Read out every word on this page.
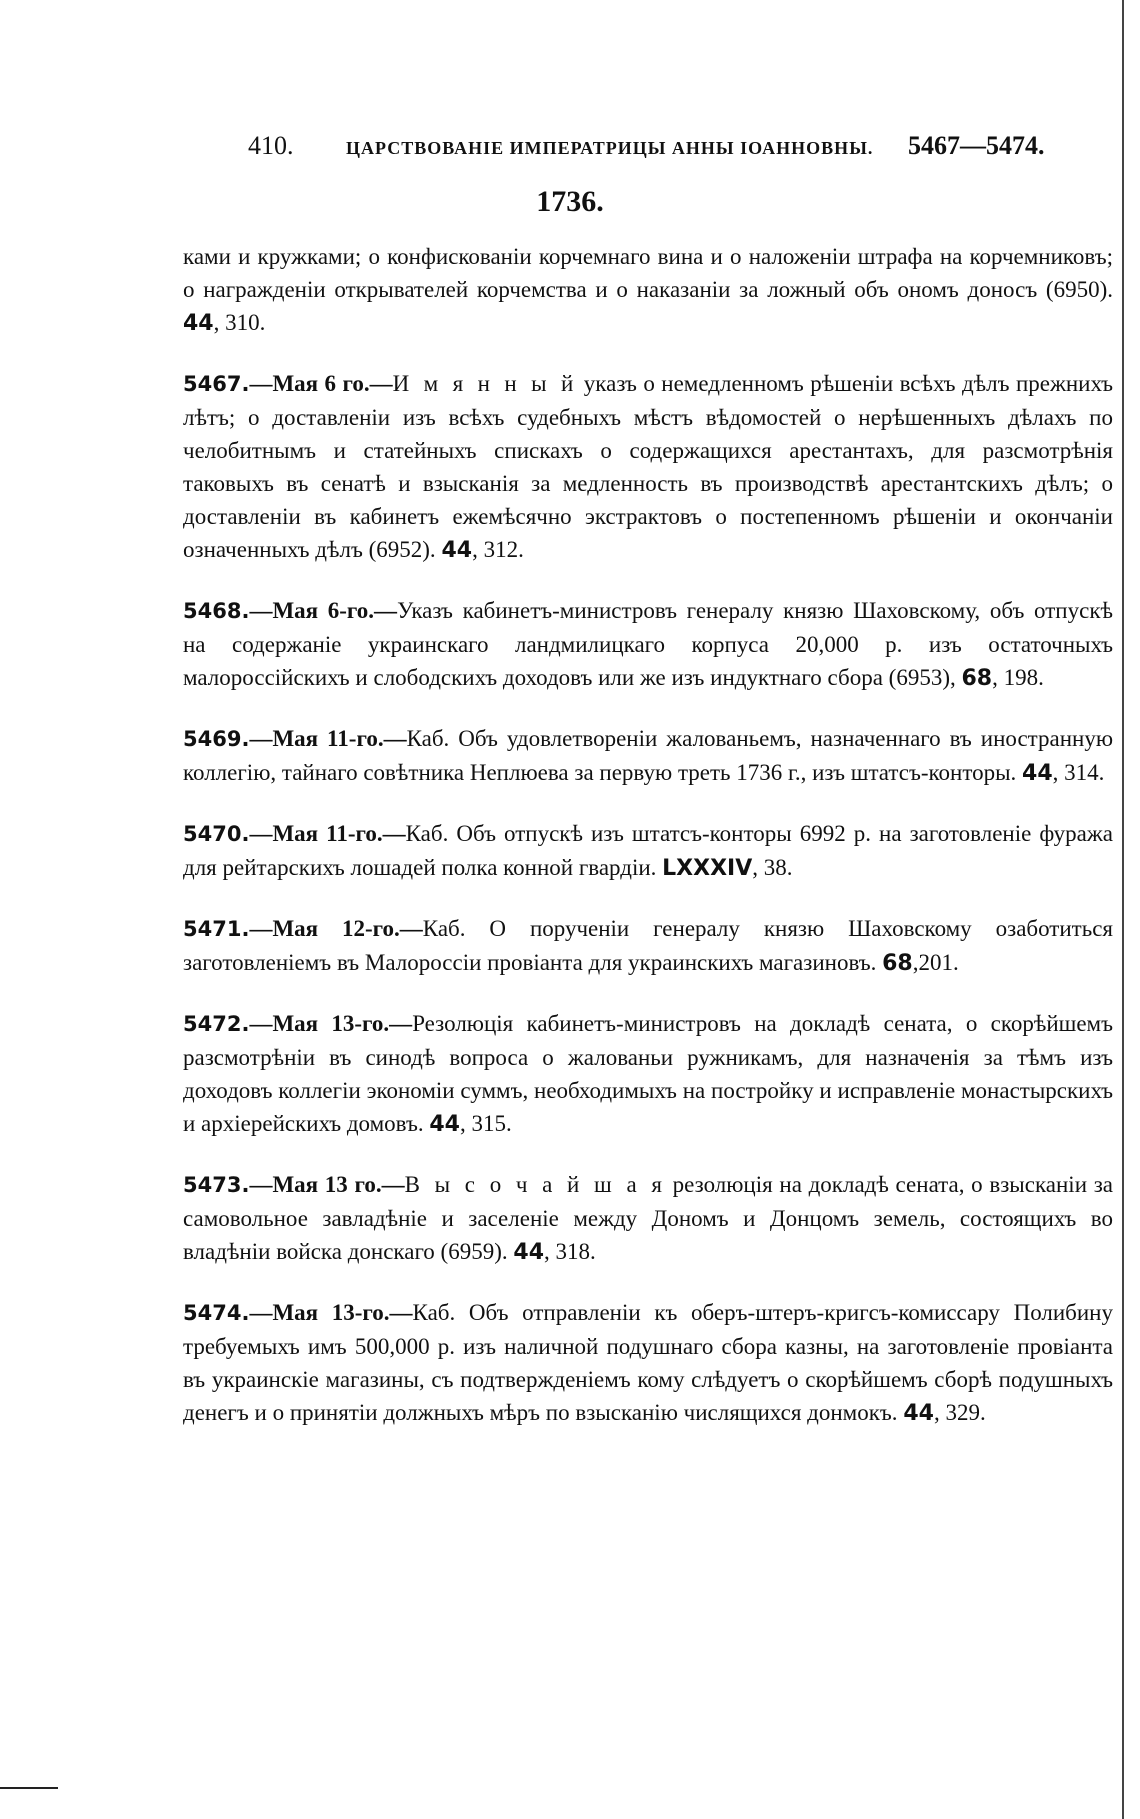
410.	ЦАРСТВОВАНІЕ ИМПЕРАТРИЦЫ АННЫ ІОАННОВНЫ. 5467—5474.
1736.

ками и кружками; о конфискованіи корчемнаго вина и о наложеніи штрафа на корчемниковъ; о награжденіи открывателей корчемства и о наказаніи за ложный объ ономъ доносъ (6950). 44, 310.

5467.—Мая 6 го.—И м я н н ы й указъ о немедленномъ рѣшеніи всѣхъ дѣлъ прежнихъ лѣтъ; о доставленіи изъ всѣхъ судебныхъ мѣстъ вѣдомостей о нерѣшенныхъ дѣлахъ по челобитнымъ и статейныхъ спискахъ о содержащихся арестантахъ, для разсмотрѣнія таковыхъ въ сенатѣ и взысканія за медленность въ производствѣ арестантскихъ дѣлъ; о доставленіи въ кабинетъ ежемѣсячно экстрактовъ о постепенномъ рѣшеніи и окончаніи означенныхъ дѣлъ (6952). 44, 312.

5468.—Мая 6-го.—Указъ кабинетъ-министровъ генералу князю Шаховскому, объ отпускѣ на содержаніе украинскаго ландмилицкаго корпуса 20,000 р. изъ остаточныхъ малороссійскихъ и слободскихъ доходовъ или же изъ индуктнаго сбора (6953), 68, 198.

5469.—Мая 11-го.—Каб. Объ удовлетвореніи жалованьемъ, назначеннаго въ иностранную коллегію, тайнаго совѣтника Неплюева за первую треть 1736 г., изъ штатсъ-конторы. 44, 314.

5470.—Мая 11-го.—Каб. Объ отпускѣ изъ штатсъ-конторы 6992 р. на заготовленіе фуража для рейтарскихъ лошадей полка конной гвардіи. LXXXIV, 38.

5471.—Мая 12-го.—Каб. О порученіи генералу князю Шаховскому озаботиться заготовленіемъ въ Малороссіи провіанта для украинскихъ магазиновъ. 68,201.

5472.—Мая 13-го.—Резолюція кабинетъ-министровъ на докладѣ сената, о скорѣйшемъ разсмотрѣніи въ синодѣ вопроса о жалованьи ружникамъ, для назначенія за тѣмъ изъ доходовъ коллегіи экономіи суммъ, необходимыхъ на постройку и исправленіе монастырскихъ и архіерейскихъ домовъ. 44, 315.

5473.—Мая 13 го.—В ы с о ч а й ш а я резолюція на докладѣ сената, о взысканіи за самовольное завладѣніе и заселеніе между Дономъ и Донцомъ земель, состоящихъ во владѣніи войска донскаго (6959). 44, 318.

5474.—Мая 13-го.—Каб. Объ отправленіи къ оберъ-штеръ-кригсъ-комиссару Полибину требуемыхъ имъ 500,000 р. изъ наличной подушнаго сбора казны, на заготовленіе провіанта въ украинскіе магазины, съ подтвержденіемъ кому слѣдуетъ о скорѣйшемъ сборѣ подушныхъ денегъ и о принятіи должныхъ мѣръ по взысканію числящихся донмокъ. 44, 329.
